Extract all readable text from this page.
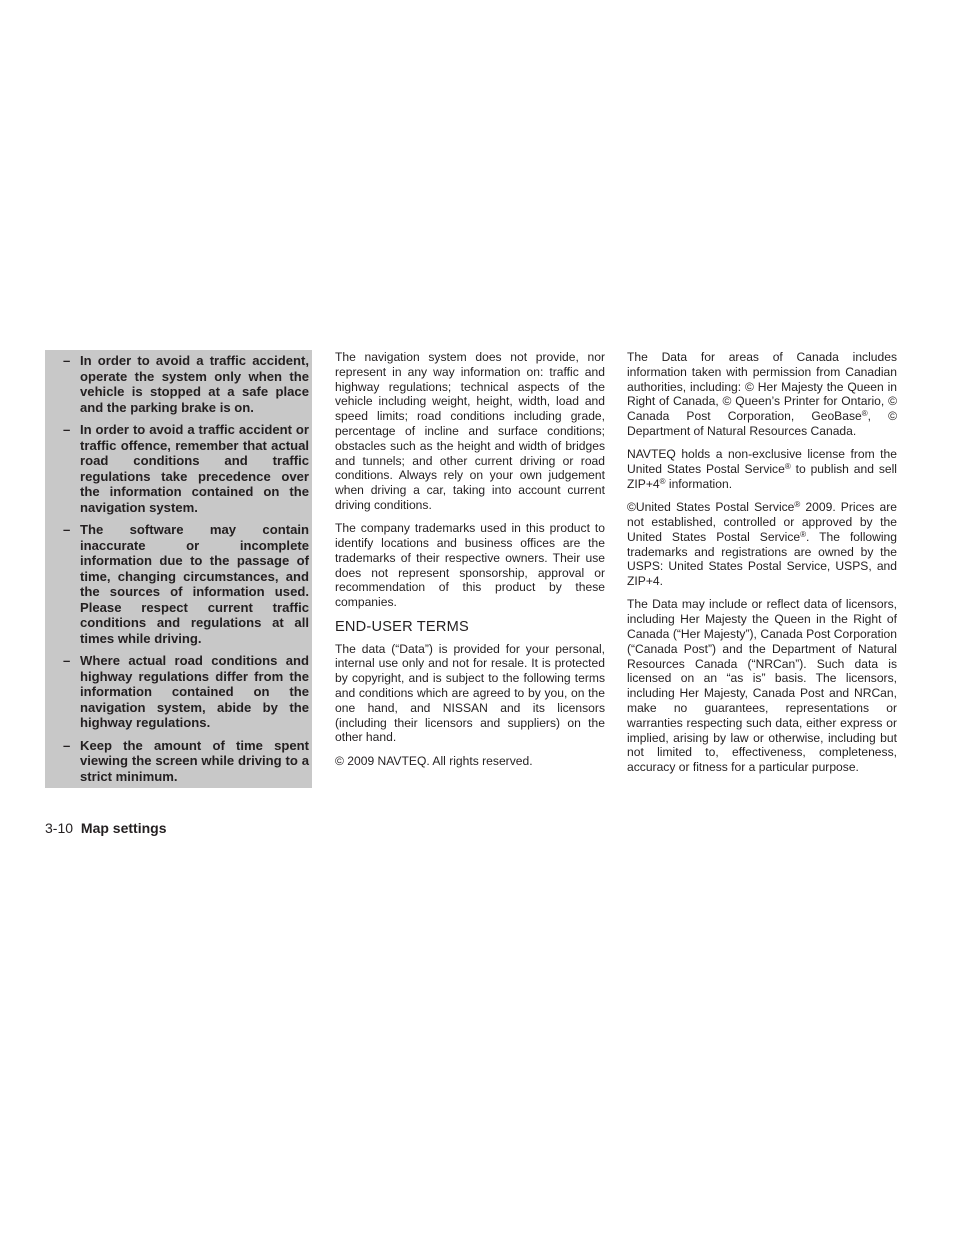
– In order to avoid a traffic accident, operate the system only when the vehicle is stopped at a safe place and the parking brake is on.
– In order to avoid a traffic accident or traffic offence, remember that actual road conditions and traffic regulations take precedence over the information contained on the navigation system.
– The software may contain inaccurate or incomplete information due to the passage of time, changing circumstances, and the sources of information used. Please respect current traffic conditions and regulations at all times while driving.
– Where actual road conditions and highway regulations differ from the information contained on the navigation system, abide by the highway regulations.
– Keep the amount of time spent viewing the screen while driving to a strict minimum.

The navigation system does not provide, nor represent in any way information on: traffic and highway regulations; technical aspects of the vehicle including weight, height, width, load and speed limits; road conditions including grade, percentage of incline and surface conditions; obstacles such as the height and width of bridges and tunnels; and other current driving or road conditions. Always rely on your own judgement when driving a car, taking into account current driving conditions.

The company trademarks used in this product to identify locations and business offices are the trademarks of their respective owners. Their use does not represent sponsorship, approval or recommendation of this product by these companies.

END-USER TERMS

The data (“Data”) is provided for your personal, internal use only and not for resale. It is protected by copyright, and is subject to the following terms and conditions which are agreed to by you, on the one hand, and NISSAN and its licensors (including their licensors and suppliers) on the other hand.

© 2009 NAVTEQ. All rights reserved.

The Data for areas of Canada includes information taken with permission from Canadian authorities, including: © Her Majesty the Queen in Right of Canada, © Queen’s Printer for Ontario, © Canada Post Corporation, GeoBase®, © Department of Natural Resources Canada.

NAVTEQ holds a non-exclusive license from the United States Postal Service® to publish and sell ZIP+4® information.

©United States Postal Service® 2009. Prices are not established, controlled or approved by the United States Postal Service®. The following trademarks and registrations are owned by the USPS: United States Postal Service, USPS, and ZIP+4.

The Data may include or reflect data of licensors, including Her Majesty the Queen in the Right of Canada (“Her Majesty”), Canada Post Corporation (“Canada Post”) and the Department of Natural Resources Canada (“NRCan”). Such data is licensed on an “as is” basis. The licensors, including Her Majesty, Canada Post and NRCan, make no guarantees, representations or warranties respecting such data, either express or implied, arising by law or otherwise, including but not limited to, effectiveness, completeness, accuracy or fitness for a particular purpose.

3-10 Map settings
